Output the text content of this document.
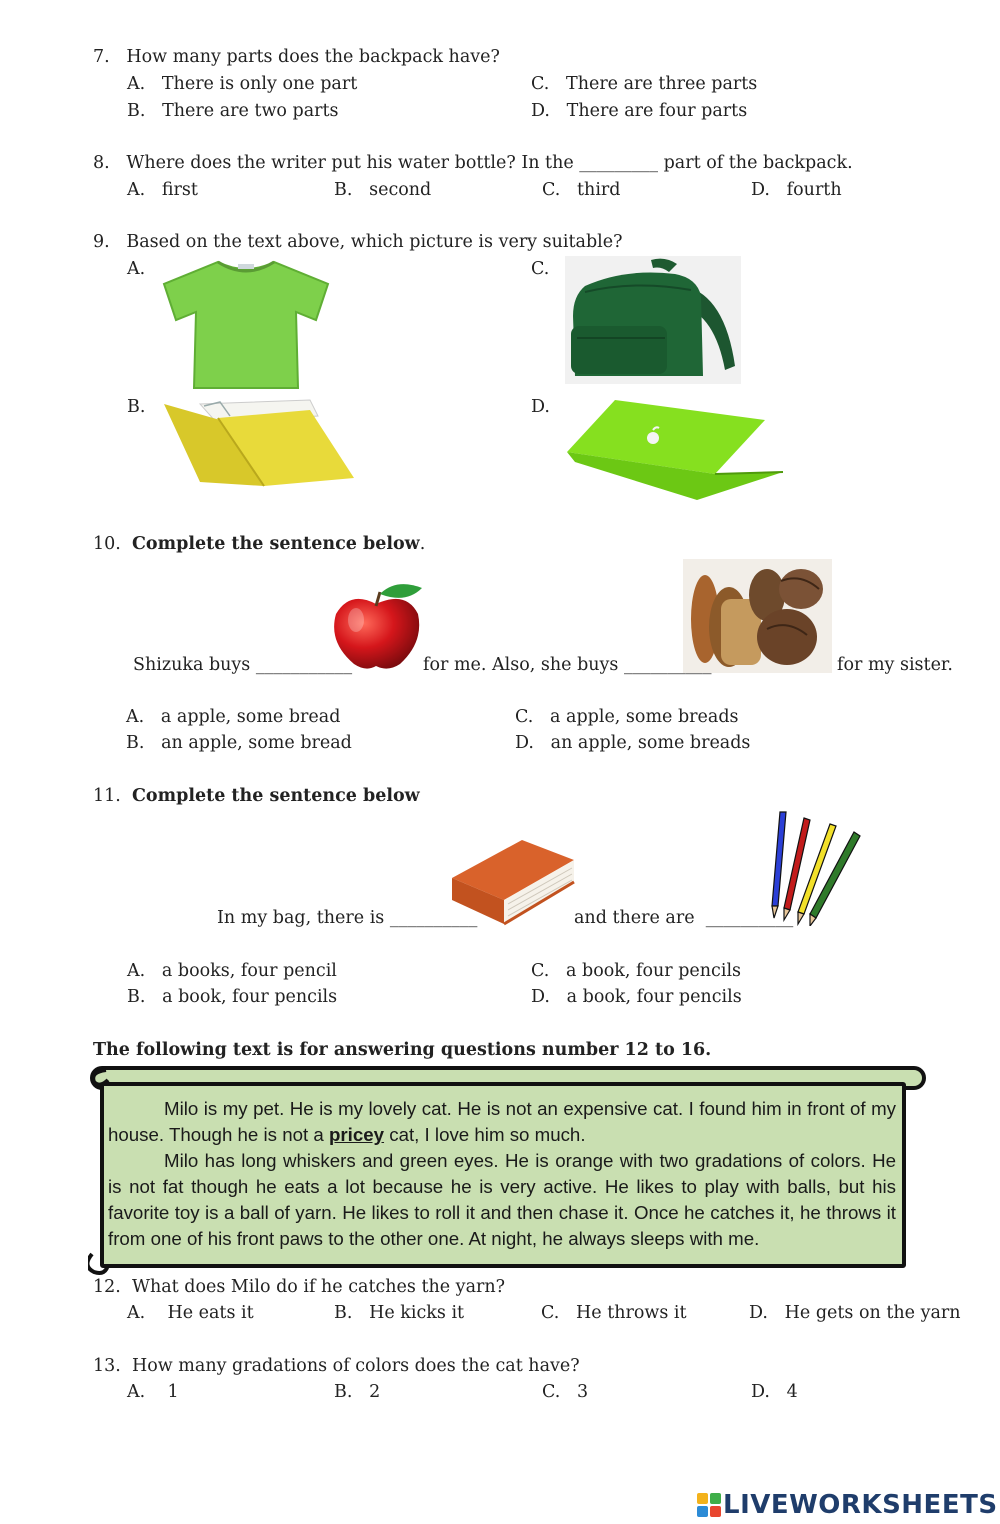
7.   How many parts does the backpack have?
A.   There is only one part
B.   There are two parts
C.   There are three parts
D.   There are four parts
8.   Where does the writer put his water bottle? In the _________ part of the backpack.
A.   first	B.   second	C.   third	D.   fourth
9.   Based on the text above, which picture is very suitable?
A.
B.
C.
D.
10. Complete the sentence below.
Shizuka buys ___________	for me. Also, she buys __________	for my sister.
A.   a apple, some bread
B.   an apple, some bread
C.   a apple, some breads
D.   an apple, some breads
11. Complete the sentence below
In my bag, there is __________	and there are  __________
A.   a books, four pencil
B.   a book, four pencils
C.   a book, four pencils
D.   a book, four pencils
The following text is for answering questions number 12 to 16.

Milo is my pet. He is my lovely cat. He is not an expensive cat. I found him in front of my house. Though he is not a pricey cat, I love him so much.

Milo has long whiskers and green eyes. He is orange with two gradations of colors. He is not fat though he eats a lot because he is very active. He likes to play with balls, but his favorite toy is a ball of yarn. He likes to roll it and then chase it. Once he catches it, he throws it from one of his front paws to the other one. At night, he always sleeps with me.

12.  What does Milo do if he catches the yarn?
A.    He eats it	B.   He kicks it	C.   He throws it	D.   He gets on the yarn
13.  How many gradations of colors does the cat have?
A.    1	B.   2	C.   3	D.   4
LIVEWORKSHEETS
